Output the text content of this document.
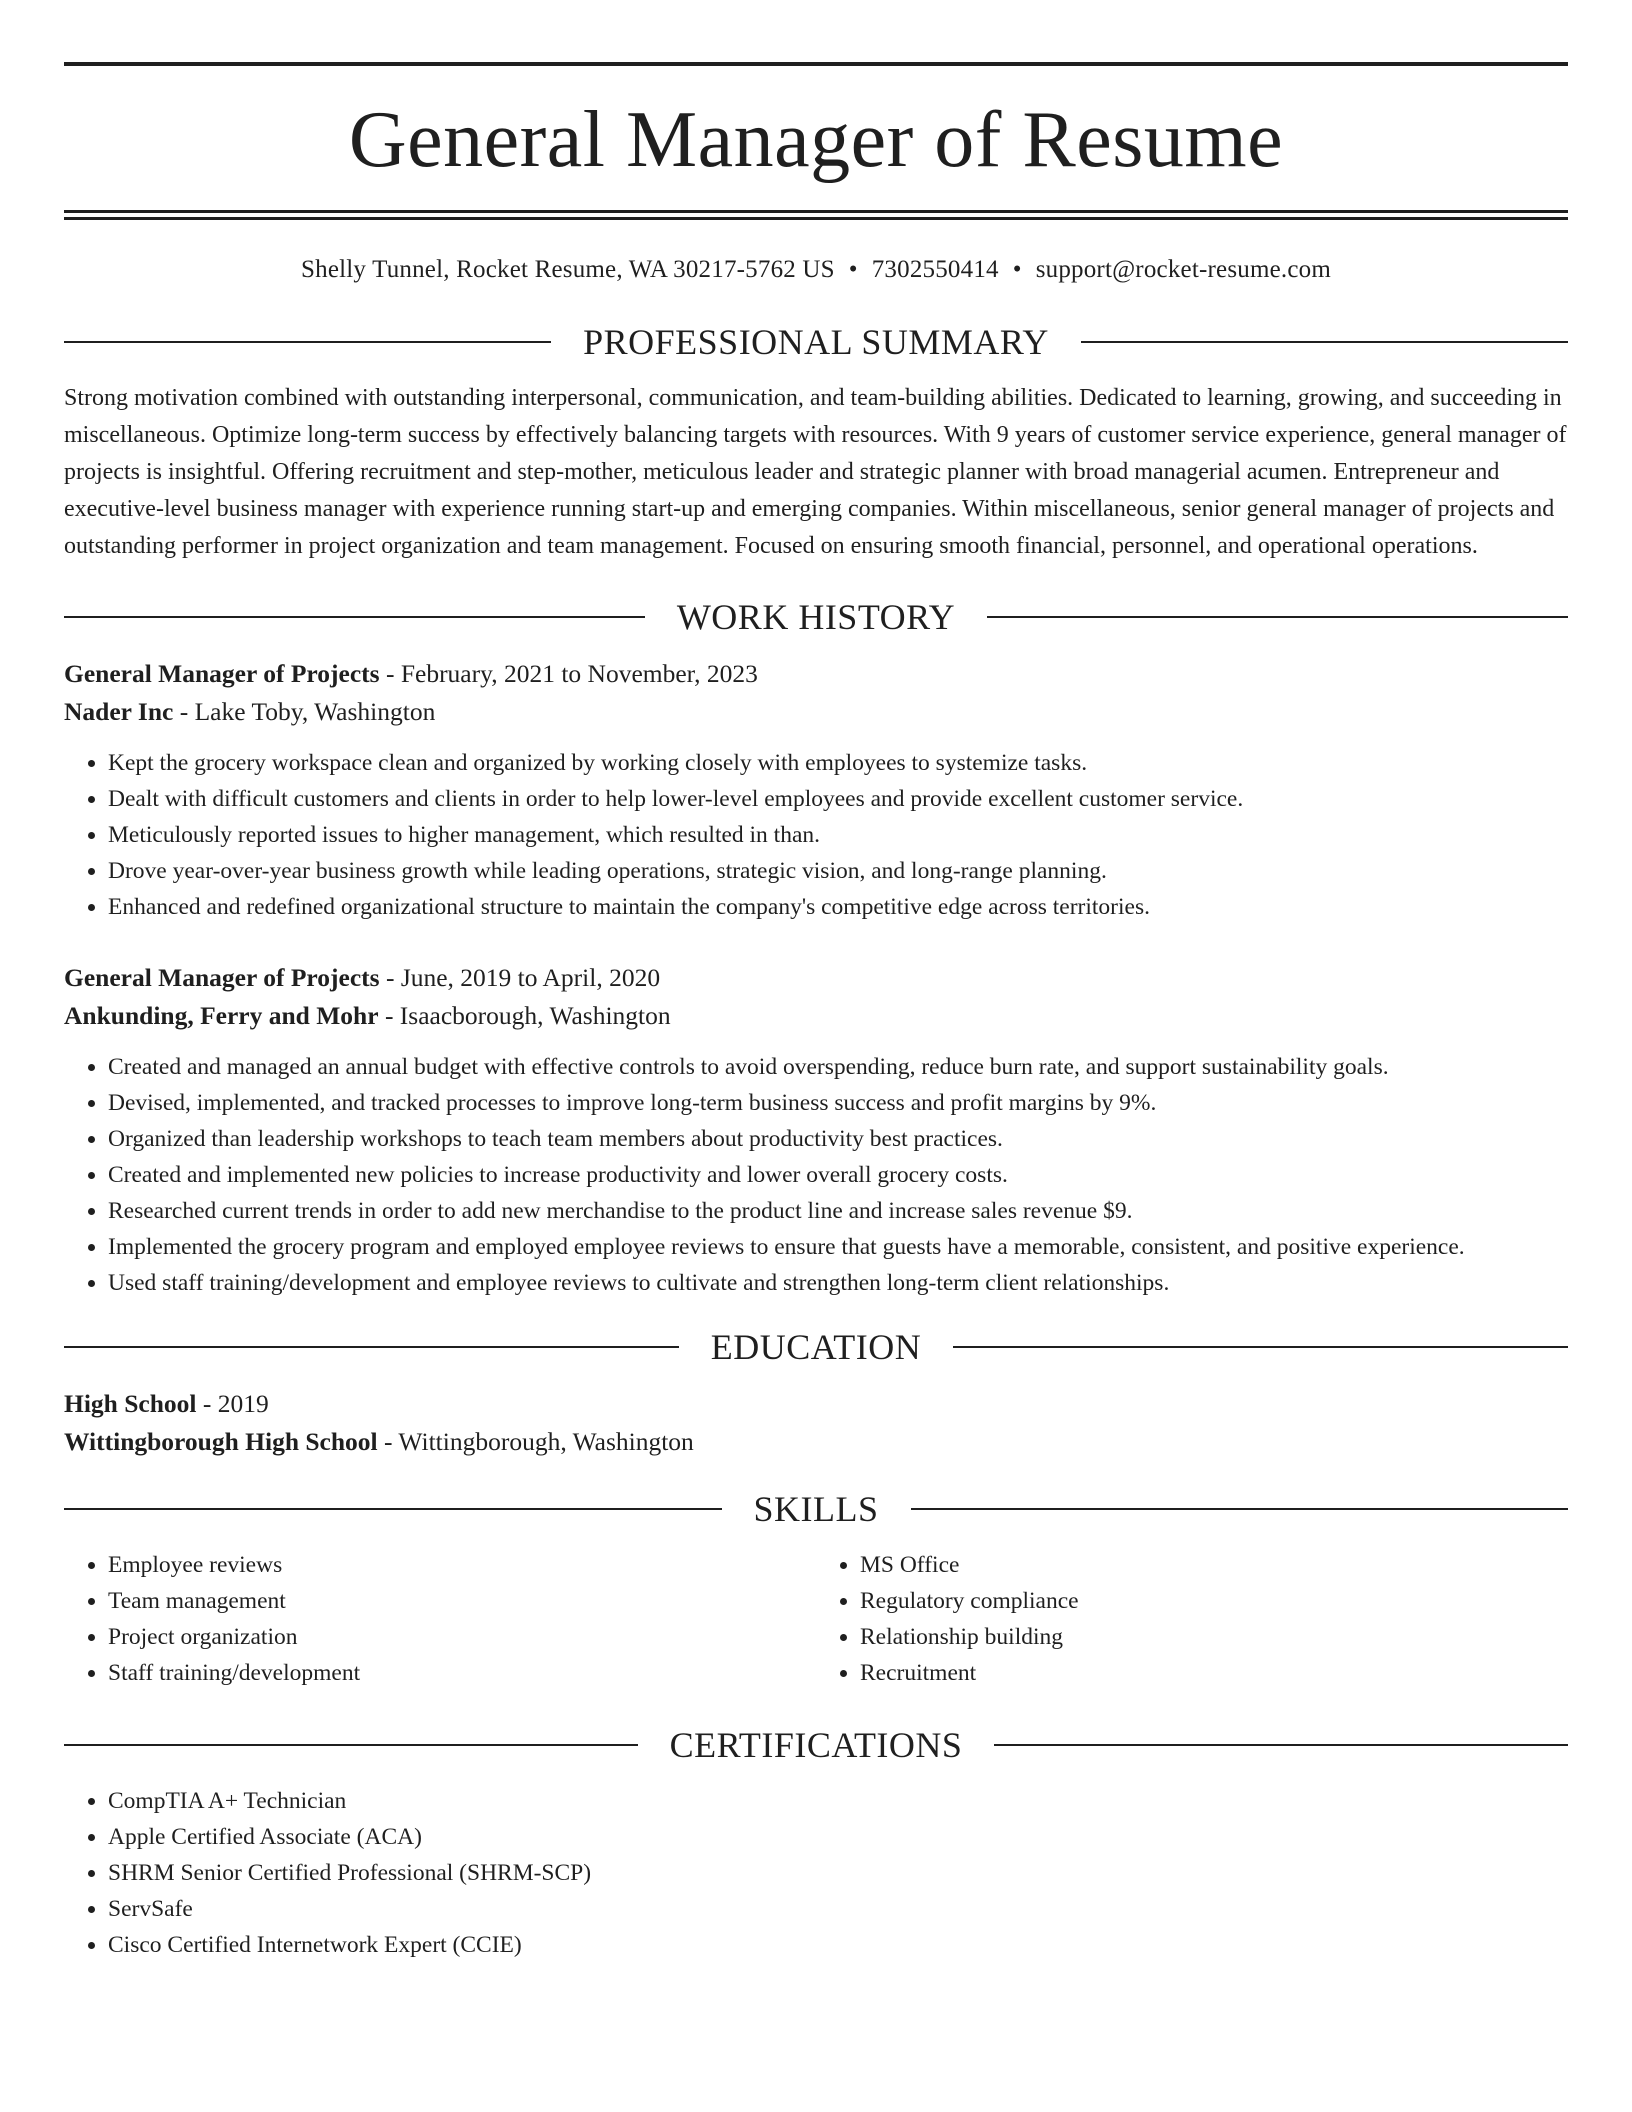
General Manager of Resume
Shelly Tunnel, Rocket Resume, WA 30217-5762 US • 7302550414 • support@rocket-resume.com
PROFESSIONAL SUMMARY

Strong motivation combined with outstanding interpersonal, communication, and team-building abilities. Dedicated to learning, growing, and succeeding in miscellaneous. Optimize long-term success by effectively balancing targets with resources. With 9 years of customer service experience, general manager of projects is insightful. Offering recruitment and step-mother, meticulous leader and strategic planner with broad managerial acumen. Entrepreneur and executive-level business manager with experience running start-up and emerging companies. Within miscellaneous, senior general manager of projects and outstanding performer in project organization and team management. Focused on ensuring smooth financial, personnel, and operational operations.

WORK HISTORY
General Manager of Projects - February, 2021 to November, 2023
Nader Inc - Lake Toby, Washington
• Kept the grocery workspace clean and organized by working closely with employees to systemize tasks.
• Dealt with difficult customers and clients in order to help lower-level employees and provide excellent customer service.
• Meticulously reported issues to higher management, which resulted in than.
• Drove year-over-year business growth while leading operations, strategic vision, and long-range planning.
• Enhanced and redefined organizational structure to maintain the company's competitive edge across territories.
General Manager of Projects - June, 2019 to April, 2020
Ankunding, Ferry and Mohr - Isaacborough, Washington
• Created and managed an annual budget with effective controls to avoid overspending, reduce burn rate, and support sustainability goals.
• Devised, implemented, and tracked processes to improve long-term business success and profit margins by 9%.
• Organized than leadership workshops to teach team members about productivity best practices.
• Created and implemented new policies to increase productivity and lower overall grocery costs.
• Researched current trends in order to add new merchandise to the product line and increase sales revenue $9.
• Implemented the grocery program and employed employee reviews to ensure that guests have a memorable, consistent, and positive experience.
• Used staff training/development and employee reviews to cultivate and strengthen long-term client relationships.
EDUCATION
High School - 2019
Wittingborough High School - Wittingborough, Washington
SKILLS
• Employee reviews
• Team management
• Project organization
• Staff training/development
• MS Office
• Regulatory compliance
• Relationship building
• Recruitment
CERTIFICATIONS
• CompTIA A+ Technician
• Apple Certified Associate (ACA)
• SHRM Senior Certified Professional (SHRM-SCP)
• ServSafe
• Cisco Certified Internetwork Expert (CCIE)
